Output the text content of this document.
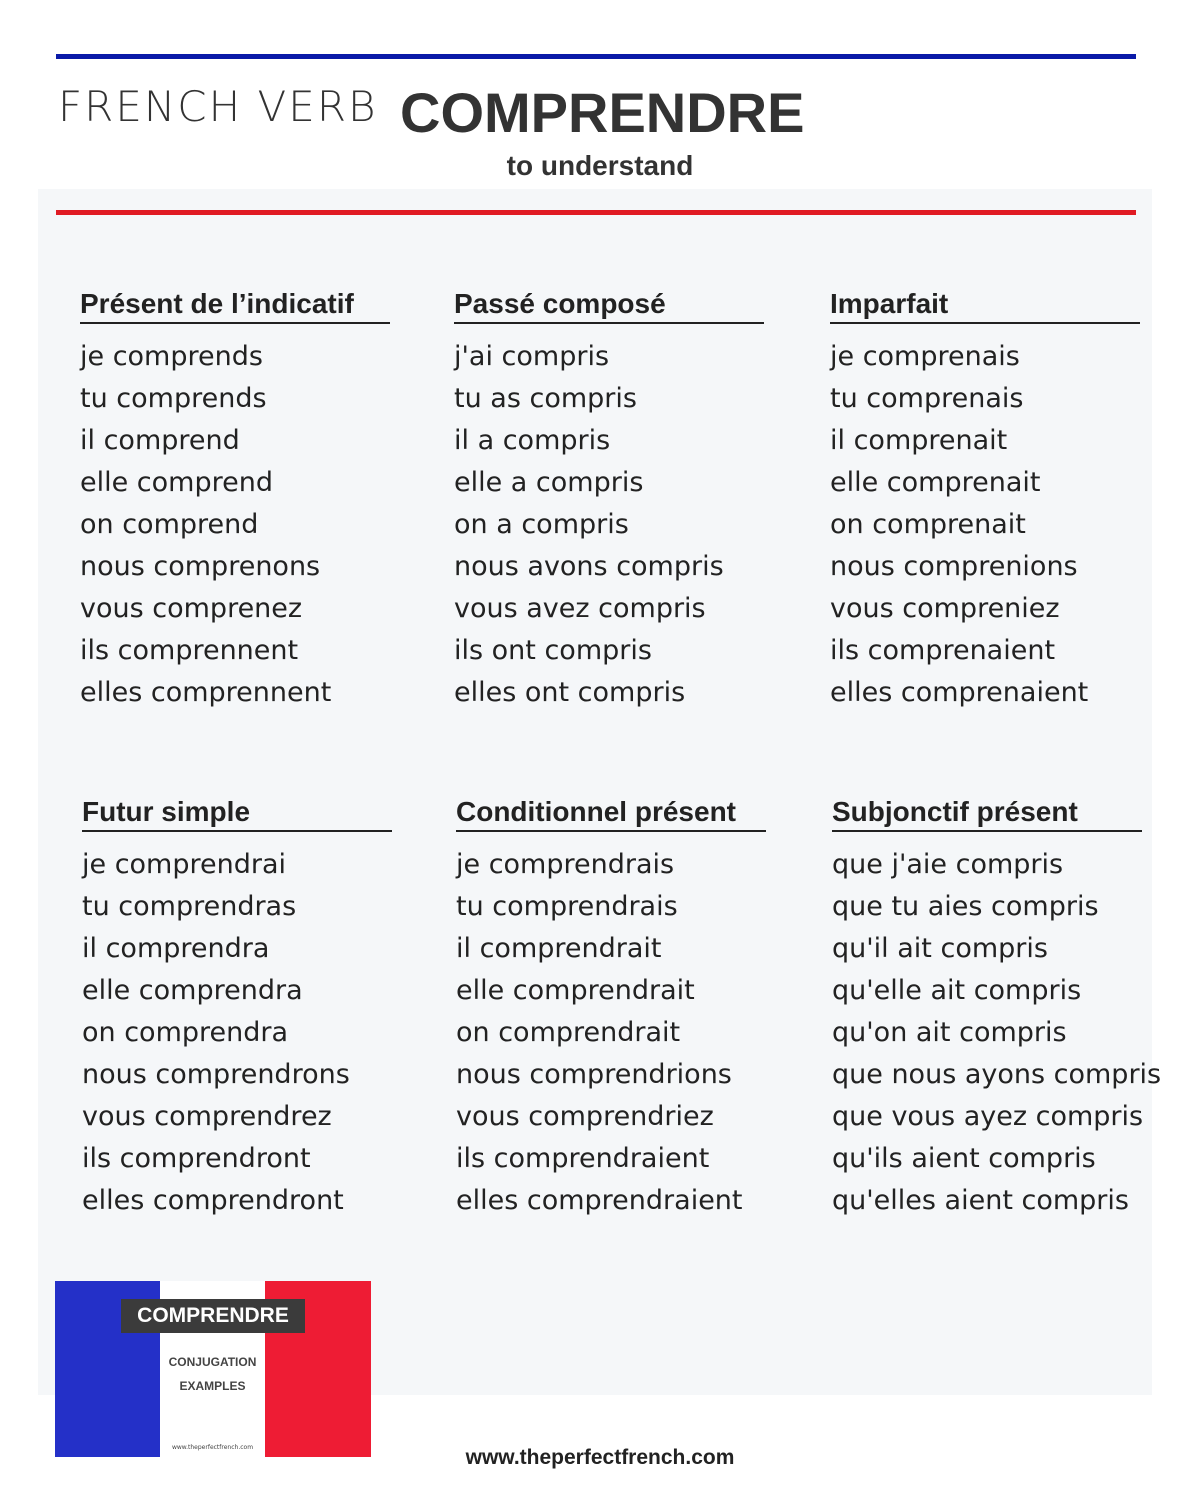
FRENCH VERB COMPRENDRE
to understand
Présent de l’indicatif
je comprends
tu comprends
il comprend
elle comprend
on comprend
nous comprenons
vous comprenez
ils comprennent
elles comprennent
Passé composé
j'ai compris
tu as compris
il a compris
elle a compris
on a compris
nous avons compris
vous avez compris
ils ont compris
elles ont compris
Imparfait
je comprenais
tu comprenais
il comprenait
elle comprenait
on comprenait
nous comprenions
vous compreniez
ils comprenaient
elles comprenaient
Futur simple
je comprendrai
tu comprendras
il comprendra
elle comprendra
on comprendra
nous comprendrons
vous comprendrez
ils comprendront
elles comprendront
Conditionnel présent
je comprendrais
tu comprendrais
il comprendrait
elle comprendrait
on comprendrait
nous comprendrions
vous comprendriez
ils comprendraient
elles comprendraient
Subjonctif présent
que j'aie compris
que tu aies compris
qu'il ait compris
qu'elle ait compris
qu'on ait compris
que nous ayons compris
que vous ayez compris
qu'ils aient compris
qu'elles aient compris
COMPRENDRE
CONJUGATION
EXAMPLES
www.theperfectfrench.com	www.theperfectfrench.com
